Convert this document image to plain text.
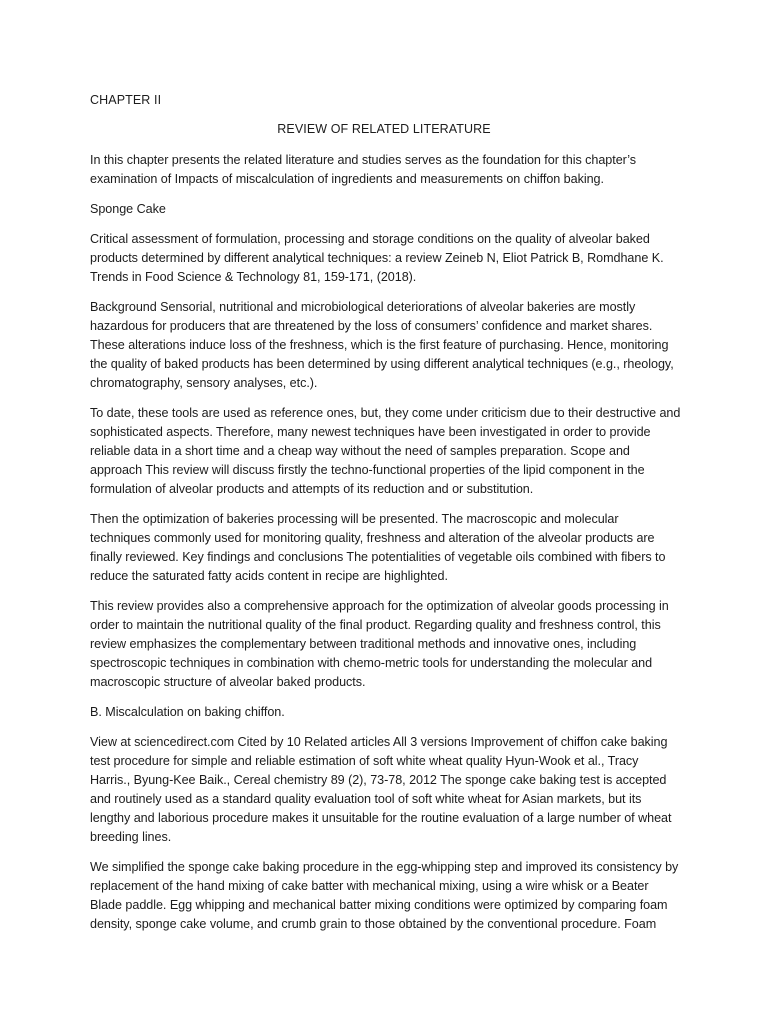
CHAPTER II
REVIEW OF RELATED LITERATURE

In this chapter presents the related literature and studies serves as the foundation for this chapter’s examination of Impacts of miscalculation of ingredients and measurements on chiffon baking.

Sponge Cake

Critical assessment of formulation, processing and storage conditions on the quality of alveolar baked products determined by different analytical techniques: a review Zeineb N, Eliot Patrick B, Romdhane K. Trends in Food Science & Technology 81, 159-171, (2018).

Background Sensorial, nutritional and microbiological deteriorations of alveolar bakeries are mostly hazardous for producers that are threatened by the loss of consumers’ confidence and market shares. These alterations induce loss of the freshness, which is the first feature of purchasing. Hence, monitoring the quality of baked products has been determined by using different analytical techniques (e.g., rheology, chromatography, sensory analyses, etc.).

To date, these tools are used as reference ones, but, they come under criticism due to their destructive and sophisticated aspects. Therefore, many newest techniques have been investigated in order to provide reliable data in a short time and a cheap way without the need of samples preparation. Scope and approach This review will discuss firstly the techno-functional properties of the lipid component in the formulation of alveolar products and attempts of its reduction and or substitution.

Then the optimization of bakeries processing will be presented. The macroscopic and molecular techniques commonly used for monitoring quality, freshness and alteration of the alveolar products are finally reviewed. Key findings and conclusions The potentialities of vegetable oils combined with fibers to reduce the saturated fatty acids content in recipe are highlighted.

This review provides also a comprehensive approach for the optimization of alveolar goods processing in order to maintain the nutritional quality of the final product. Regarding quality and freshness control, this review emphasizes the complementary between traditional methods and innovative ones, including spectroscopic techniques in combination with chemo-metric tools for understanding the molecular and macroscopic structure of alveolar baked products.

B. Miscalculation on baking chiffon.

View at sciencedirect.com Cited by 10 Related articles All 3 versions Improvement of chiffon cake baking test procedure for simple and reliable estimation of soft white wheat quality Hyun-Wook et al., Tracy Harris., Byung-Kee Baik., Cereal chemistry 89 (2), 73-78, 2012 The sponge cake baking test is accepted and routinely used as a standard quality evaluation tool of soft white wheat for Asian markets, but its lengthy and laborious procedure makes it unsuitable for the routine evaluation of a large number of wheat breeding lines.

We simplified the sponge cake baking procedure in the egg-whipping step and improved its consistency by replacement of the hand mixing of cake batter with mechanical mixing, using a wire whisk or a Beater Blade paddle. Egg whipping and mechanical batter mixing conditions were optimized by comparing foam density, sponge cake volume, and crumb grain to those obtained by the conventional procedure. Foam
